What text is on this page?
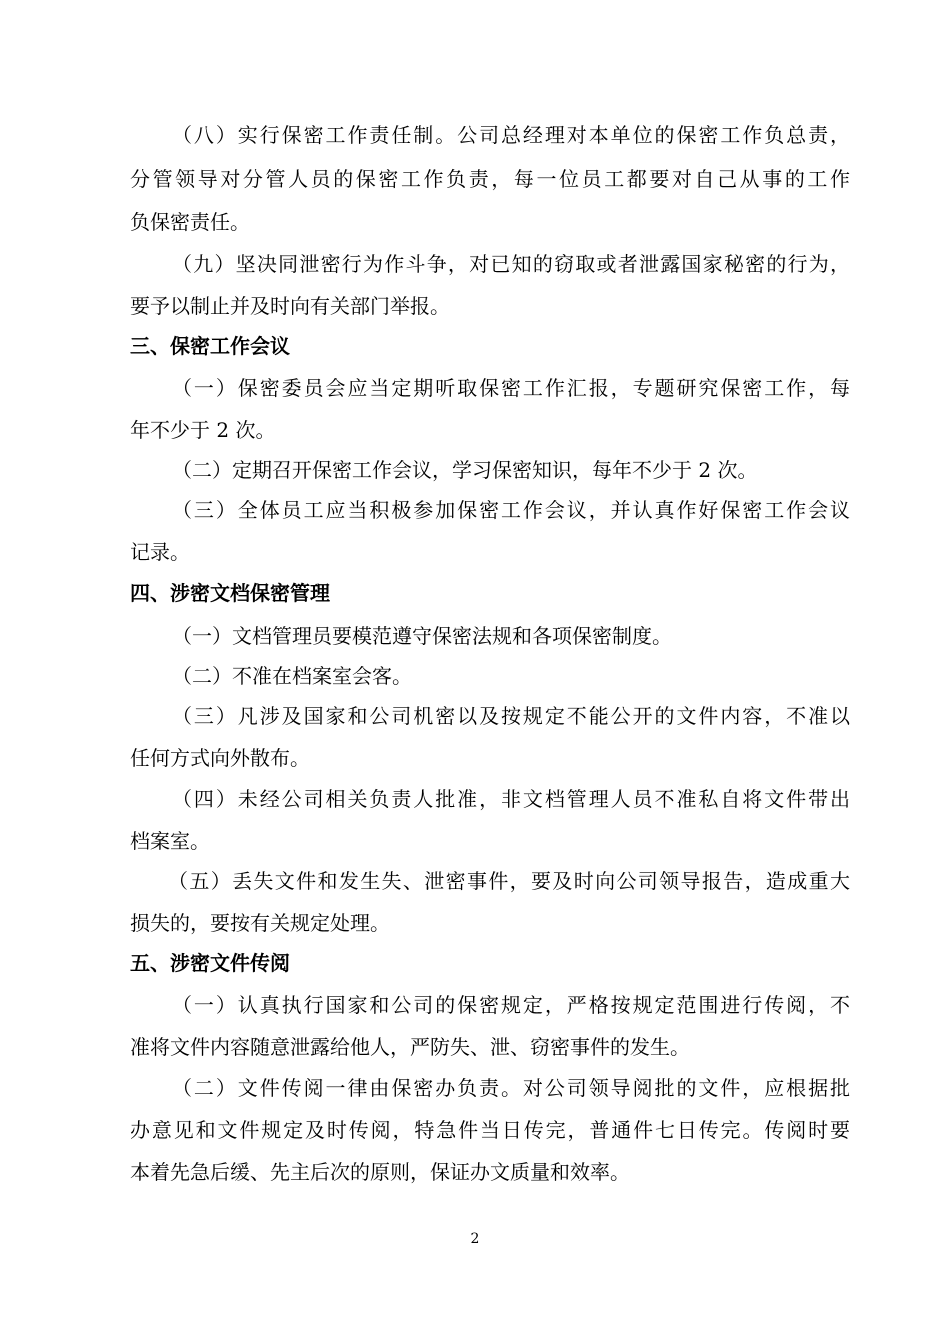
（八）实行保密工作责任制。公司总经理对本单位的保密工作负总责，
分管领导对分管人员的保密工作负责，每一位员工都要对自己从事的工作
负保密责任。
（九）坚决同泄密行为作斗争，对已知的窃取或者泄露国家秘密的行为，
要予以制止并及时向有关部门举报。
三、保密工作会议
（一）保密委员会应当定期听取保密工作汇报，专题研究保密工作，每
年不少于 2 次。
（二）定期召开保密工作会议，学习保密知识，每年不少于 2 次。
（三）全体员工应当积极参加保密工作会议，并认真作好保密工作会议
记录。
四、涉密文档保密管理
（一）文档管理员要模范遵守保密法规和各项保密制度。
（二）不准在档案室会客。
（三）凡涉及国家和公司机密以及按规定不能公开的文件内容，不准以
任何方式向外散布。
（四）未经公司相关负责人批准，非文档管理人员不准私自将文件带出
档案室。
（五）丢失文件和发生失、泄密事件，要及时向公司领导报告，造成重大
损失的，要按有关规定处理。
五、涉密文件传阅
（一）认真执行国家和公司的保密规定，严格按规定范围进行传阅，不
准将文件内容随意泄露给他人，严防失、泄、窃密事件的发生。
（二）文件传阅一律由保密办负责。对公司领导阅批的文件，应根据批
办意见和文件规定及时传阅，特急件当日传完，普通件七日传完。传阅时要
本着先急后缓、先主后次的原则，保证办文质量和效率。
2
